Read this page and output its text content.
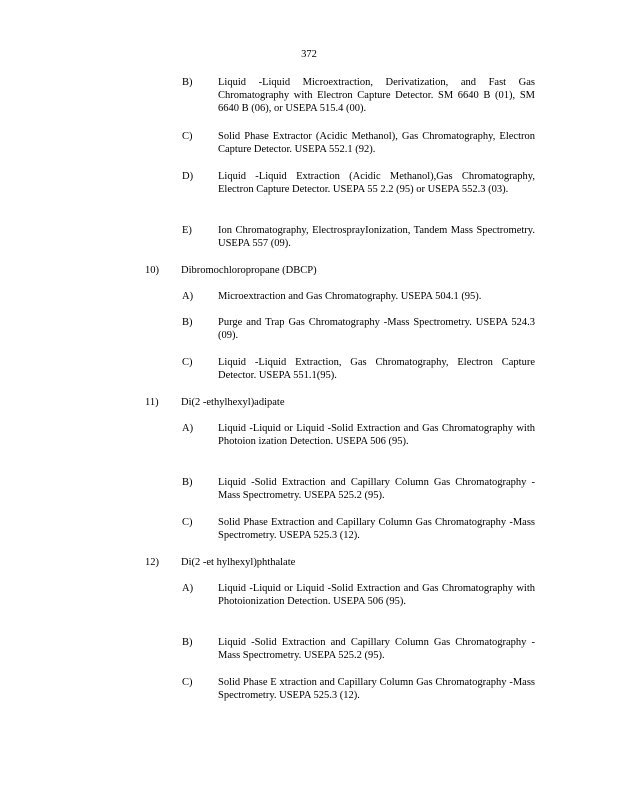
372
B) Liquid -Liquid Microextraction, Derivatization, and Fast Gas Chromatography with Electron Capture Detector. SM 6640 B (01), SM 6640 B (06), or USEPA 515.4 (00).
C) Solid Phase Extractor (Acidic Methanol), Gas Chromatography, Electron Capture Detector. USEPA 552.1 (92).
D) Liquid -Liquid Extraction (Acidic Methanol),Gas Chromatography, Electron Capture Detector. USEPA 55 2.2 (95) or USEPA 552.3 (03).
E) Ion Chromatography, ElectrosprayIonization, Tandem Mass Spectrometry. USEPA 557 (09).
10) Dibromochloropropane (DBCP)
A) Microextraction and Gas Chromatography. USEPA 504.1 (95).
B) Purge and Trap Gas Chromatography -Mass Spectrometry. USEPA 524.3 (09).
C) Liquid -Liquid Extraction, Gas Chromatography, Electron Capture Detector. USEPA 551.1(95).
11) Di(2 -ethylhexyl)adipate
A) Liquid -Liquid or Liquid -Solid Extraction and Gas Chromatography with Photoion ization Detection. USEPA 506 (95).
B) Liquid -Solid Extraction and Capillary Column Gas Chromatography -Mass Spectrometry. USEPA 525.2 (95).
C) Solid Phase Extraction and Capillary Column Gas Chromatography -Mass Spectrometry. USEPA 525.3 (12).
12) Di(2 -et hylhexyl)phthalate
A) Liquid -Liquid or Liquid -Solid Extraction and Gas Chromatography with Photoionization Detection. USEPA 506 (95).
B) Liquid -Solid Extraction and Capillary Column Gas Chromatography -Mass Spectrometry. USEPA 525.2 (95).
C) Solid Phase E xtraction and Capillary Column Gas Chromatography -Mass Spectrometry. USEPA 525.3 (12).
